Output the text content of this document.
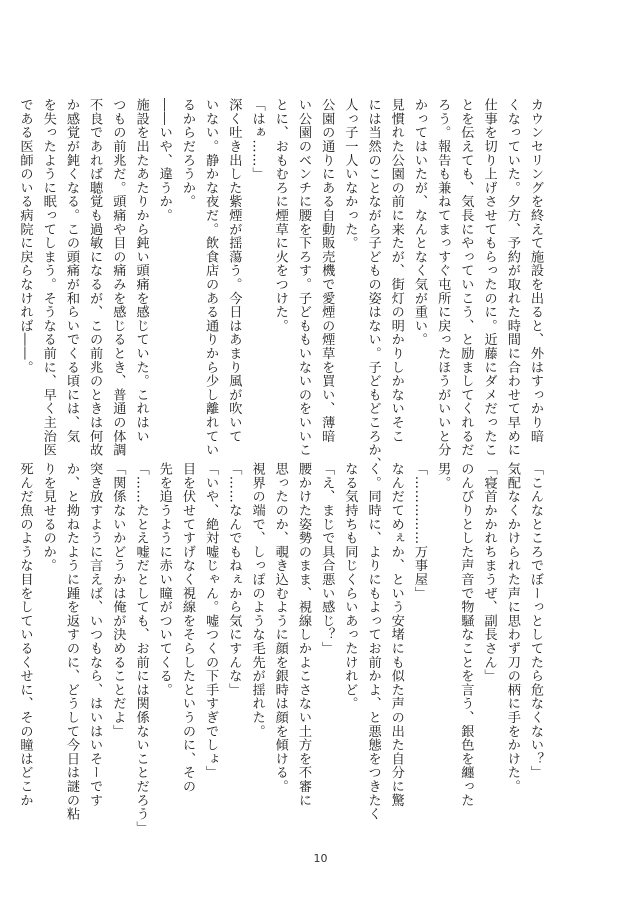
カウンセリングを終えて施設を出ると、外はすっかり暗
くなっていた。夕方、予約が取れた時間に合わせて早めに
仕事を切り上げさせてもらったのに。近藤にダメだったこ
とを伝えても、気長にやっていこう、と励ましてくれるだ
ろう。報告も兼ねてまっすぐ屯所に戻ったほうがいいと分
かってはいたが、なんとなく気が重い。
見慣れた公園の前に来たが、街灯の明かりしかないそこ
には当然のことながら子どもの姿はない。子どもどころか、
人っ子一人いなかった。
公園の通りにある自動販売機で愛煙の煙草を買い、薄暗
い公園のベンチに腰を下ろす。子どももいないのをいいこ
とに、おもむろに煙草に火をつけた。
「はぁ……」
深く吐き出した紫煙が揺蕩う。今日はあまり風が吹いて
いない。静かな夜だ。飲食店のある通りから少し離れてい
るからだろうか。
――いや、違うか。
施設を出たあたりから鈍い頭痛を感じていた。これはい
つもの前兆だ。頭痛や目の痛みを感じるとき、普通の体調
不良であれば聴覚も過敏になるが、この前兆のときは何故
か感覚が鈍くなる。この頭痛が和らいでくる頃には、気
を失ったように眠ってしまう。そうなる前に、早く主治医
である医師のいる病院に戻らなければ――。
「こんなところでぼーっとしてたら危なくない？」
気配なくかけられた声に思わず刀の柄に手をかけた。
「寝首かかれちまうぜ、副長さん」
のんびりとした声音で物騒なことを言う、銀色を纏った
男。
「……………万事屋」
なんだてめぇか、という安堵にも似た声の出た自分に驚
く。同時に、よりにもよってお前かよ、と悪態をつきたく
なる気持ちも同じくらいあったけれど。
「え、まじで具合悪い感じ？」
腰かけた姿勢のまま、視線しかよこさない土方を不審に
思ったのか、覗き込むように顔を銀時は顔を傾ける。
視界の端で、しっぽのような毛先が揺れた。
「……なんでもねぇから気にすんな」
「いや、絶対嘘じゃん。嘘つくの下手すぎでしょ」
目を伏せてすげなく視線をそらしたというのに、その
先を追うように赤い瞳がついてくる。
「……たとえ嘘だとしても、お前には関係ないことだろう」
「関係ないかどうかは俺が決めることだよ」
突き放すように言えば、いつもなら、はいはいそーです
か、と拗ねたように踵を返すのに、どうして今日は謎の粘
りを見せるのか。
死んだ魚のような目をしているくせに、その瞳はどこか
10
